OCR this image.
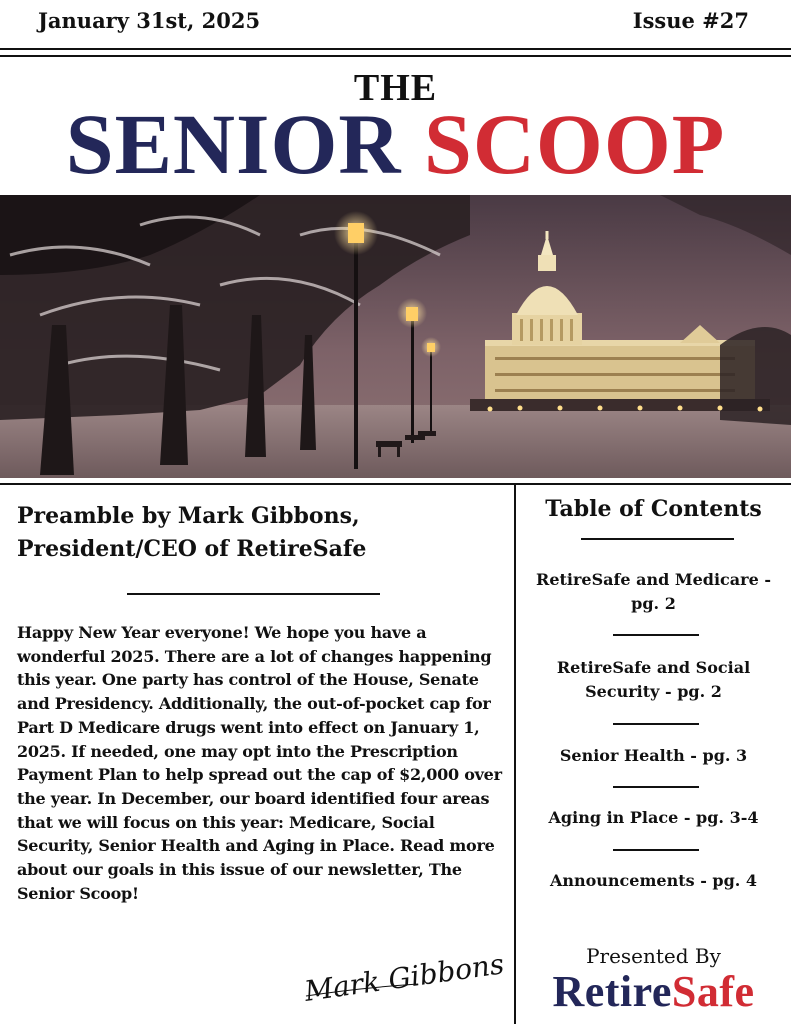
January 31st, 2025	Issue #27
THE
SENIOR SCOOP
Preamble by Mark Gibbons,
President/CEO of RetireSafe
Happy New Year everyone! We hope you have a wonderful 2025. There are a lot of changes happening this year. One party has control of the House, Senate and Presidency. Additionally, the out-of-pocket cap for Part D Medicare drugs went into effect on January 1, 2025. If needed, one may opt into the Prescription Payment Plan to help spread out the cap of $2,000 over the year. In December, our board identified four areas that we will focus on this year: Medicare, Social Security, Senior Health and Aging in Place. Read more about our goals in this issue of our newsletter, The Senior Scoop!
Mark Gibbons
Table of Contents
RetireSafe and Medicare -
pg. 2
RetireSafe and Social
Security - pg. 2
Senior Health - pg. 3
Aging in Place - pg. 3-4
Announcements - pg. 4
Presented By
RetireSafe
